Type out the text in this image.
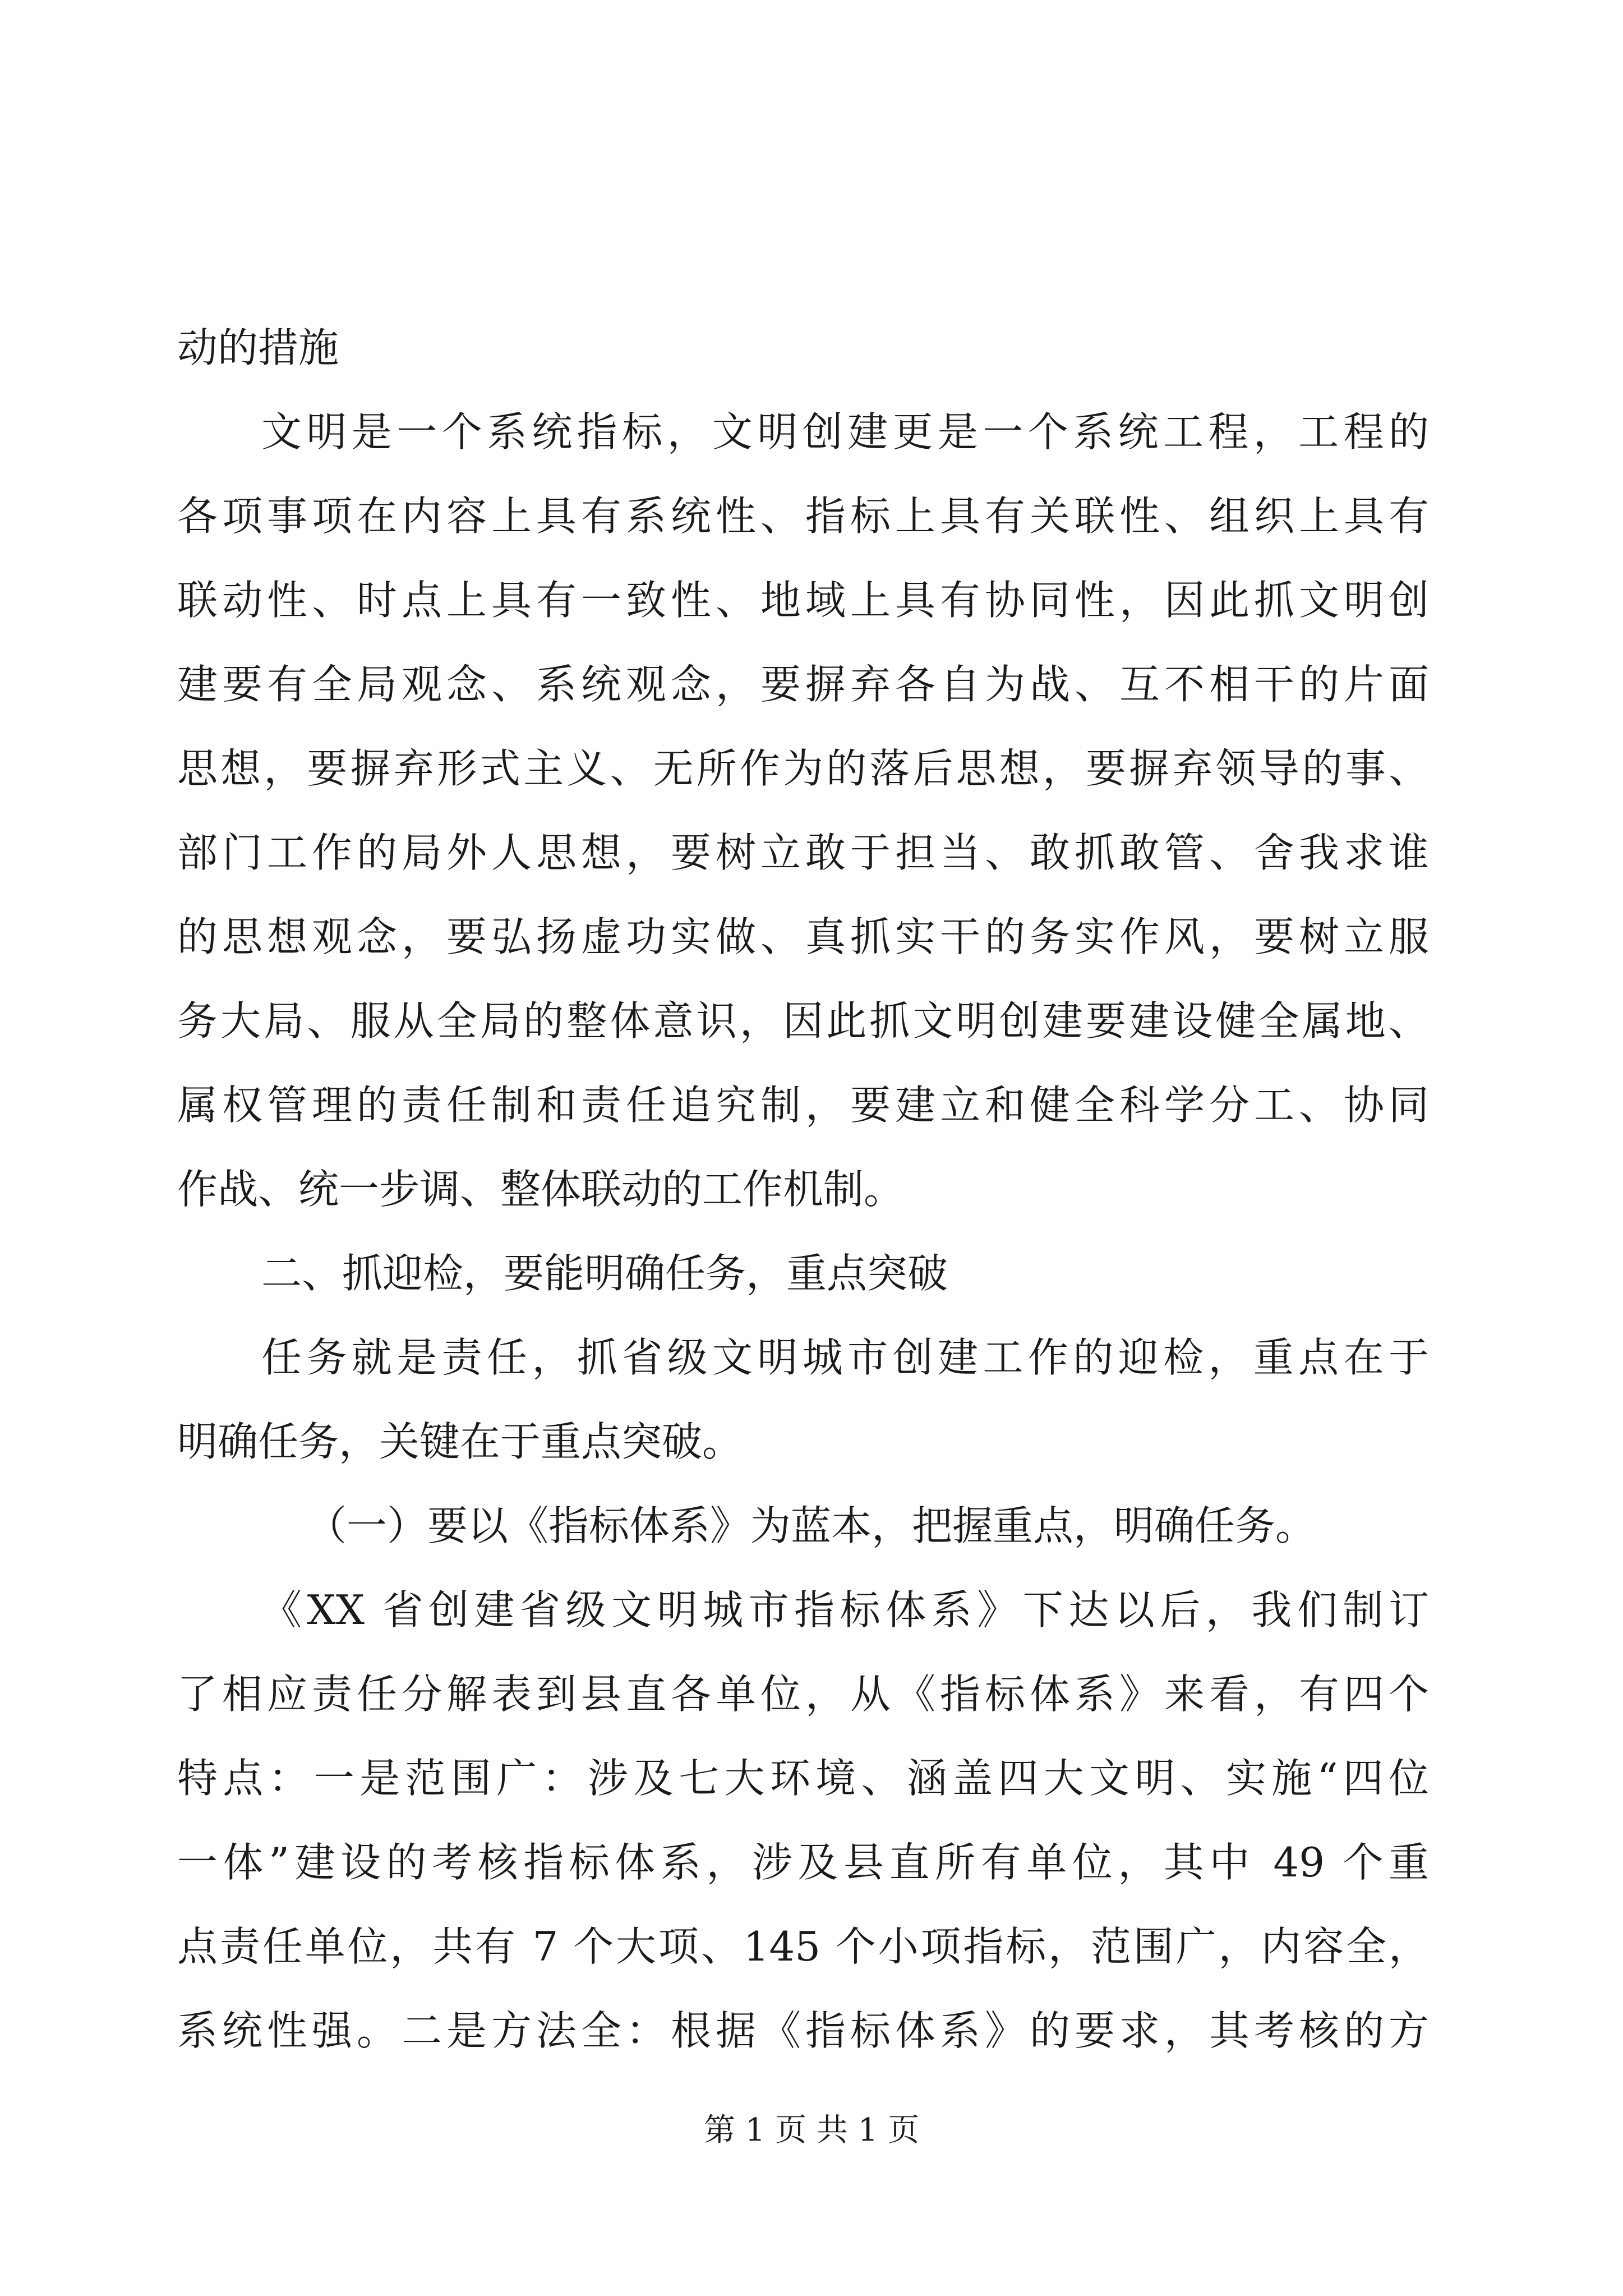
动的措施
文明是一个系统指标，文明创建更是一个系统工程，工程的
各项事项在内容上具有系统性、指标上具有关联性、组织上具有
联动性、时点上具有一致性、地域上具有协同性，因此抓文明创
建要有全局观念、系统观念，要摒弃各自为战、互不相干的片面
思想，要摒弃形式主义、无所作为的落后思想，要摒弃领导的事、
部门工作的局外人思想，要树立敢于担当、敢抓敢管、舍我求谁
的思想观念，要弘扬虚功实做、真抓实干的务实作风，要树立服
务大局、服从全局的整体意识，因此抓文明创建要建设健全属地、
属权管理的责任制和责任追究制，要建立和健全科学分工、协同
作战、统一步调、整体联动的工作机制。
二、抓迎检，要能明确任务，重点突破
任务就是责任，抓省级文明城市创建工作的迎检，重点在于
明确任务，关键在于重点突破。
（一）要以《指标体系》为蓝本，把握重点，明确任务。
《XX 省创建省级文明城市指标体系》下达以后，我们制订
了相应责任分解表到县直各单位，从《指标体系》来看，有四个
特点：一是范围广：涉及七大环境、涵盖四大文明、实施“四位
一体”建设的考核指标体系，涉及县直所有单位，其中 49 个重
点责任单位，共有 7 个大项、145 个小项指标，范围广，内容全，
系统性强。二是方法全：根据《指标体系》的要求，其考核的方
第 1 页 共 1 页
